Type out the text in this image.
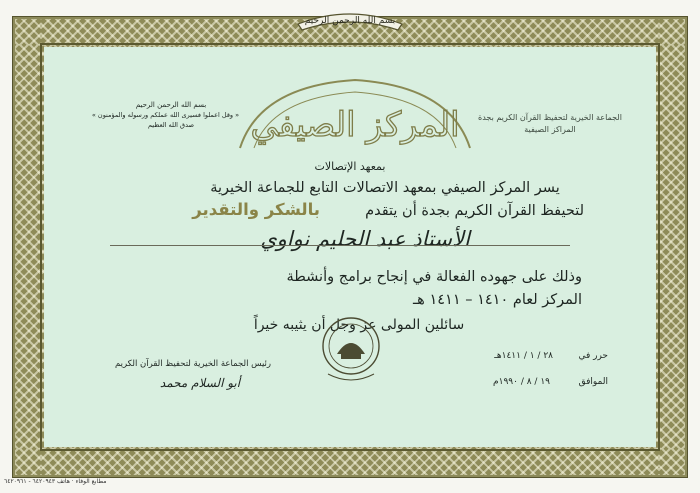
بسم الله الرحمن الرحيم
بسم الله الرحمن الرحيم
« وقل اعملوا فسيرى الله عملكم ورسوله والمؤمنون »
صدق الله العظيم
الجماعة الخيرية لتحفيظ القرآن الكريم بجدة
المراكز الصيفية
المركز الصيفي
بمعهد الإتصالات
يسر المركز الصيفي بمعهد الاتصالات التابع للجماعة الخيرية
لتحيفظ القرآن الكريم بجدة أن يتقدم
بالشكر والتقدير
الأستاذ عبد الحليم نواوي
وذلك على جهوده الفعالة في إنجاح برامج وأنشطة
المركز لعام ١٤١٠ – ١٤١١ هـ
سائلين المولى عز وجل أن يثيبه خيراً
حرر في
٢٨ / ١ / ١٤١١هـ
الموافق
١٩ / ٨ / ١٩٩٠م
رئيس الجماعة الخيرية لتحفيظ القرآن الكريم
أبو السلام محمد
مطابع الوفاء · هاتف ٦٤٢٠٩٤٣ - ٦٤٢٠٩٦١
